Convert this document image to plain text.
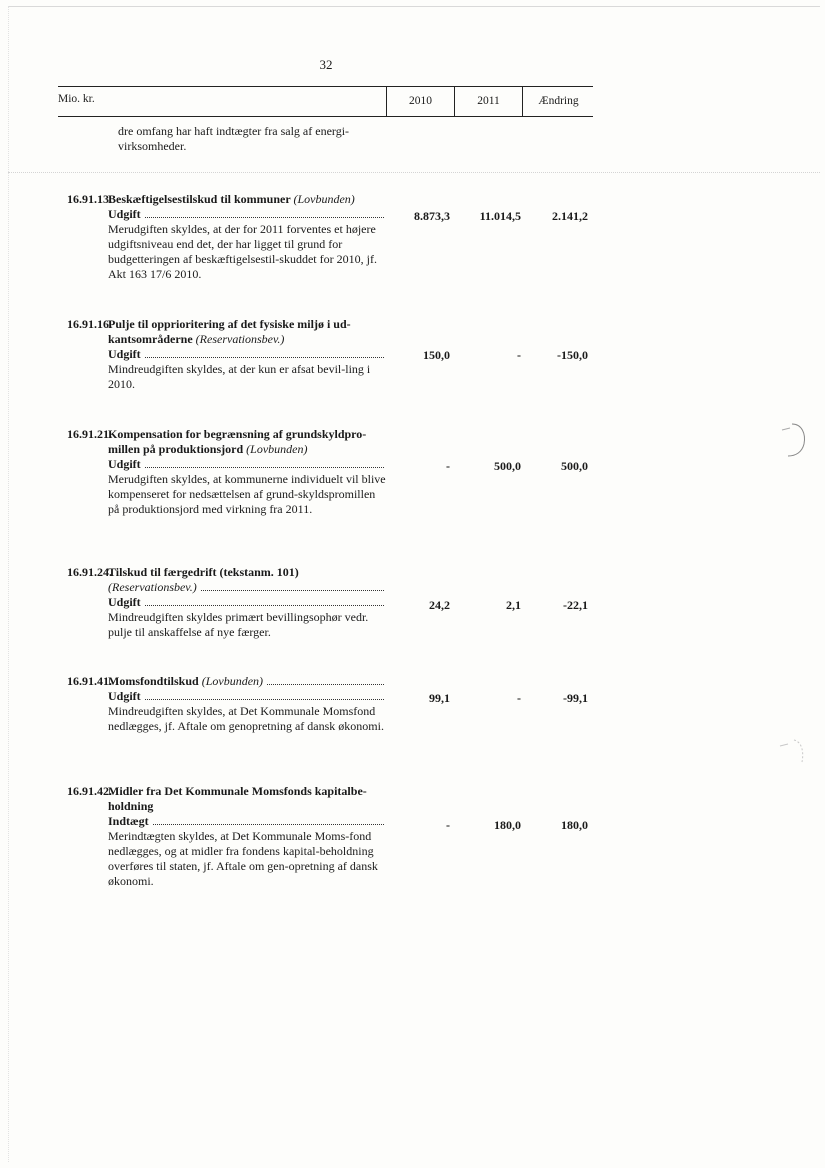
32
Mio. kr.	2010	2011	Ændring
dre omfang har haft indtægter fra salg af energi-virksomheder.
16.91.13.
Beskæftigelsestilskud til kommuner (Lovbunden)
Udgift
Merudgiften skyldes, at der for 2011 forventes et højere udgiftsniveau end det, der har ligget til grund for budgetteringen af beskæftigelsestil-skuddet for 2010, jf. Akt 163 17/6 2010.
8.873,3	11.014,5	2.141,2
16.91.16.
Pulje til opprioritering af det fysiske miljø i ud-kantsområderne (Reservationsbev.)
Udgift
Mindreudgiften skyldes, at der kun er afsat bevil-ling i 2010.
150,0	-	-150,0
16.91.21.
Kompensation for begrænsning af grundskyldpro-millen på produktionsjord (Lovbunden)
Udgift
Merudgiften skyldes, at kommunerne individuelt vil blive kompenseret for nedsættelsen af grund-skyldspromillen på produktionsjord med virkning fra 2011.
-	500,0	500,0
16.91.24.
Tilskud til færgedrift (tekstanm. 101)
(Reservationsbev.)
Udgift
Mindreudgiften skyldes primært bevillingsophør vedr. pulje til anskaffelse af nye færger.
24,2	2,1	-22,1
16.91.41.
Momsfondtilskud
(Lovbunden)
Udgift
Mindreudgiften skyldes, at Det Kommunale Momsfond nedlægges, jf. Aftale om genopretning af dansk økonomi.
99,1	-	-99,1
16.91.42.
Midler fra Det Kommunale Momsfonds kapitalbe-holdning
Indtægt
Merindtægten skyldes, at Det Kommunale Moms-fond nedlægges, og at midler fra fondens kapital-beholdning overføres til staten, jf. Aftale om gen-opretning af dansk økonomi.
-	180,0	180,0
